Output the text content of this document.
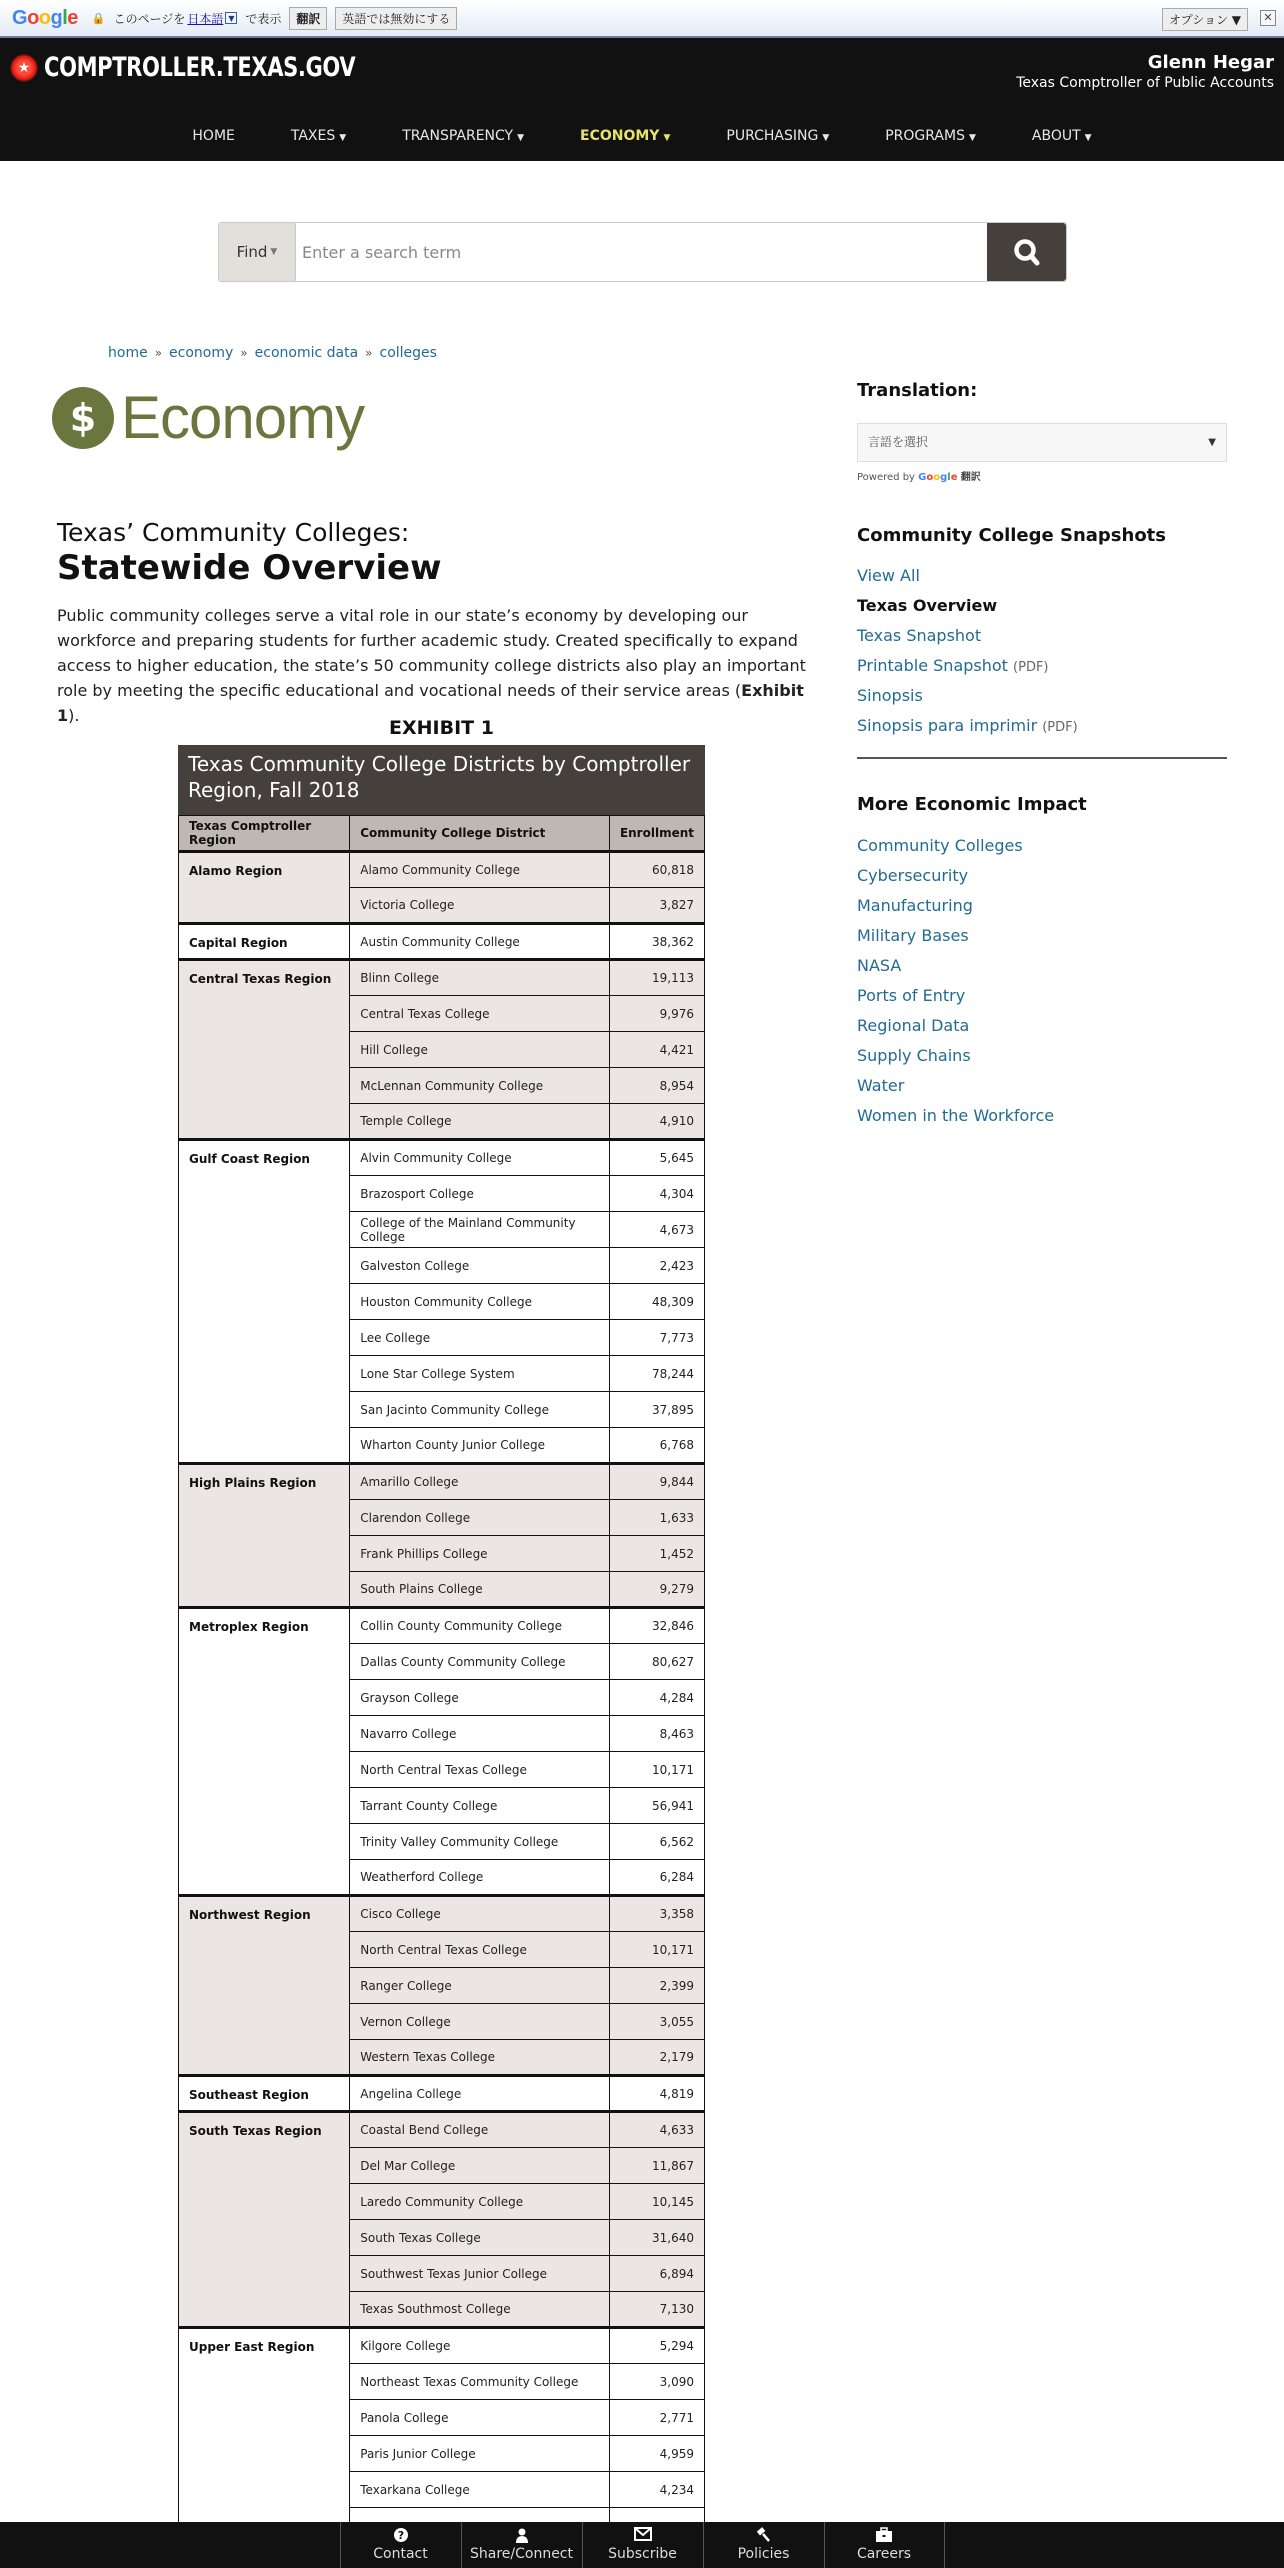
Google 🔒 このページを 日本語 ▼ で表示	翻訳	英語では無効にする	オプション ▼	✕
★ COMPTROLLER.TEXAS.GOV	Glenn Hegar
Texas Comptroller of Public Accounts
HOME	TAXES ▼	TRANSPARENCY ▼	ECONOMY ▼	PURCHASING ▼	PROGRAMS ▼	ABOUT ▼
Find ▼
Enter a search term
home » economy » economic data » colleges
$ Economy
Texas’ Community Colleges:
Statewide Overview

Public community colleges serve a vital role in our state’s economy by developing our workforce and preparing students for further academic study. Created specifically to expand access to higher education, the state’s 50 community college districts also play an important role by meeting the specific educational and vocational needs of their service areas (Exhibit 1).

EXHIBIT 1
Texas Community College Districts by Comptroller Region, Fall 2018
Texas Comptroller Region	Community College District	Enrollment
Alamo Region	Alamo Community College	60,818
	Victoria College	3,827
Capital Region	Austin Community College	38,362
Central Texas Region	Blinn College	19,113
	Central Texas College	9,976
	Hill College	4,421
	McLennan Community College	8,954
	Temple College	4,910
Gulf Coast Region	Alvin Community College	5,645
	Brazosport College	4,304
	College of the Mainland Community College	4,673
	Galveston College	2,423
	Houston Community College	48,309
	Lee College	7,773
	Lone Star College System	78,244
	San Jacinto Community College	37,895
	Wharton County Junior College	6,768
High Plains Region	Amarillo College	9,844
	Clarendon College	1,633
	Frank Phillips College	1,452
	South Plains College	9,279
Metroplex Region	Collin County Community College	32,846
	Dallas County Community College	80,627
	Grayson College	4,284
	Navarro College	8,463
	North Central Texas College	10,171
	Tarrant County College	56,941
	Trinity Valley Community College	6,562
	Weatherford College	6,284
Northwest Region	Cisco College	3,358
	North Central Texas College	10,171
	Ranger College	2,399
	Vernon College	3,055
	Western Texas College	2,179
Southeast Region	Angelina College	4,819
South Texas Region	Coastal Bend College	4,633
	Del Mar College	11,867
	Laredo Community College	10,145
	South Texas College	31,640
	Southwest Texas Junior College	6,894
	Texas Southmost College	7,130
Upper East Region	Kilgore College	5,294
	Northeast Texas Community College	3,090
	Panola College	2,771
	Paris Junior College	4,959
	Texarkana College	4,234

Translation:
言語を選択	▼
Powered by Google 翻訳
Community College Snapshots
View All
Texas Overview
Texas Snapshot
Printable Snapshot (PDF)
Sinopsis
Sinopsis para imprimir (PDF)
More Economic Impact
Community Colleges
Cybersecurity
Manufacturing
Military Bases
NASA
Ports of Entry
Regional Data
Supply Chains
Water
Women in the Workforce
?
Contact	Share/Connect	Subscribe	Policies	Careers
